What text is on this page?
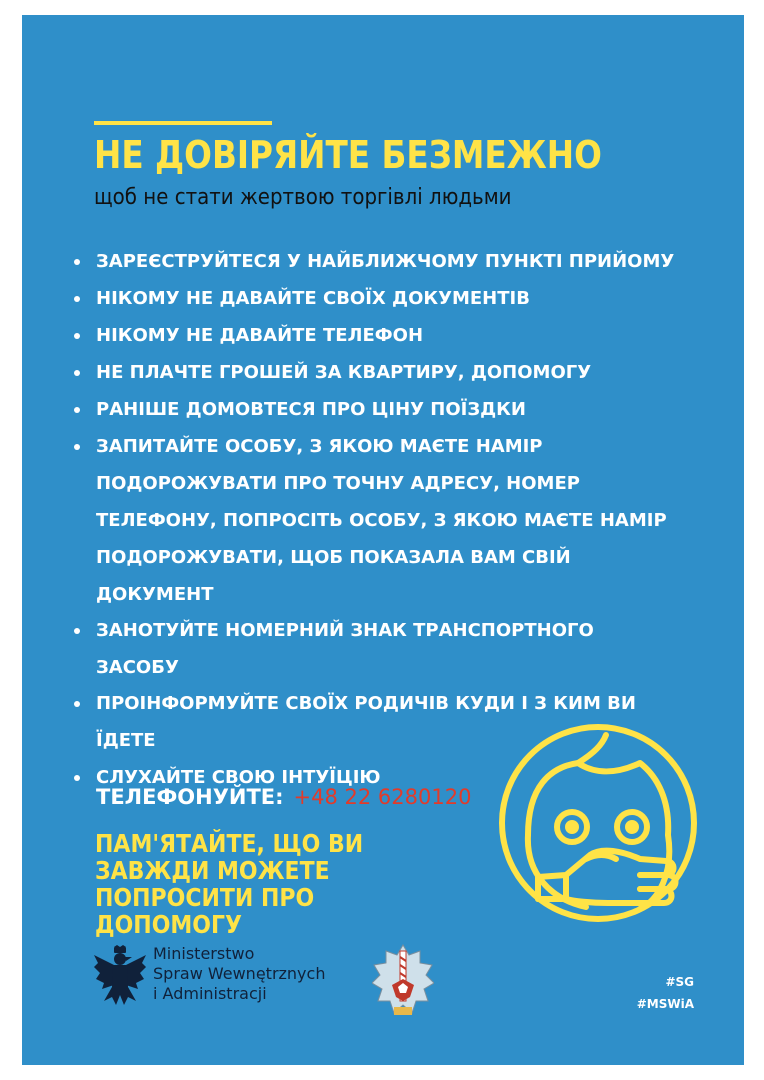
НЕ ДОВІРЯЙТЕ БЕЗМЕЖНО
щоб не стати жертвою торгівлі людьми
ЗАРЕЄСТРУЙТЕСЯ У НАЙБЛИЖЧОМУ ПУНКТІ ПРИЙОМУ
НІКОМУ НЕ ДАВАЙТЕ СВОЇХ ДОКУМЕНТІВ
НІКОМУ НЕ ДАВАЙТЕ ТЕЛЕФОН
НЕ ПЛАЧТЕ ГРОШЕЙ ЗА КВАРТИРУ, ДОПОМОГУ
РАНІШЕ ДОМОВТЕСЯ ПРО ЦІНУ ПОЇЗДКИ
ЗАПИТАЙТЕ ОСОБУ, З ЯКОЮ МАЄТЕ НАМІР ПОДОРОЖУВАТИ ПРО ТОЧНУ АДРЕСУ, НОМЕР ТЕЛЕФОНУ, ПОПРОСІТЬ ОСОБУ, З ЯКОЮ МАЄТЕ НАМІР ПОДОРОЖУВАТИ, ЩОБ ПОКАЗАЛА ВАМ СВІЙ ДОКУМЕНТ
ЗАНОТУЙТЕ НОМЕРНИЙ ЗНАК ТРАНСПОРТНОГО ЗАСОБУ
ПРОІНФОРМУЙТЕ СВОЇХ РОДИЧІВ КУДИ І З КИМ ВИ ЇДЕТЕ
СЛУХАЙТЕ СВОЮ ІНТУЇЦІЮ
ТЕЛЕФОНУЙТЕ: +48 22 6280120
ПАМ'ЯТАЙТЕ, ЩО ВИ ЗАВЖДИ МОЖЕТЕ ПОПРОСИТИ ПРО ДОПОМОГУ
Ministerstwo
Spraw Wewnętrznych
i Administracji
#SG
#MSWiA
